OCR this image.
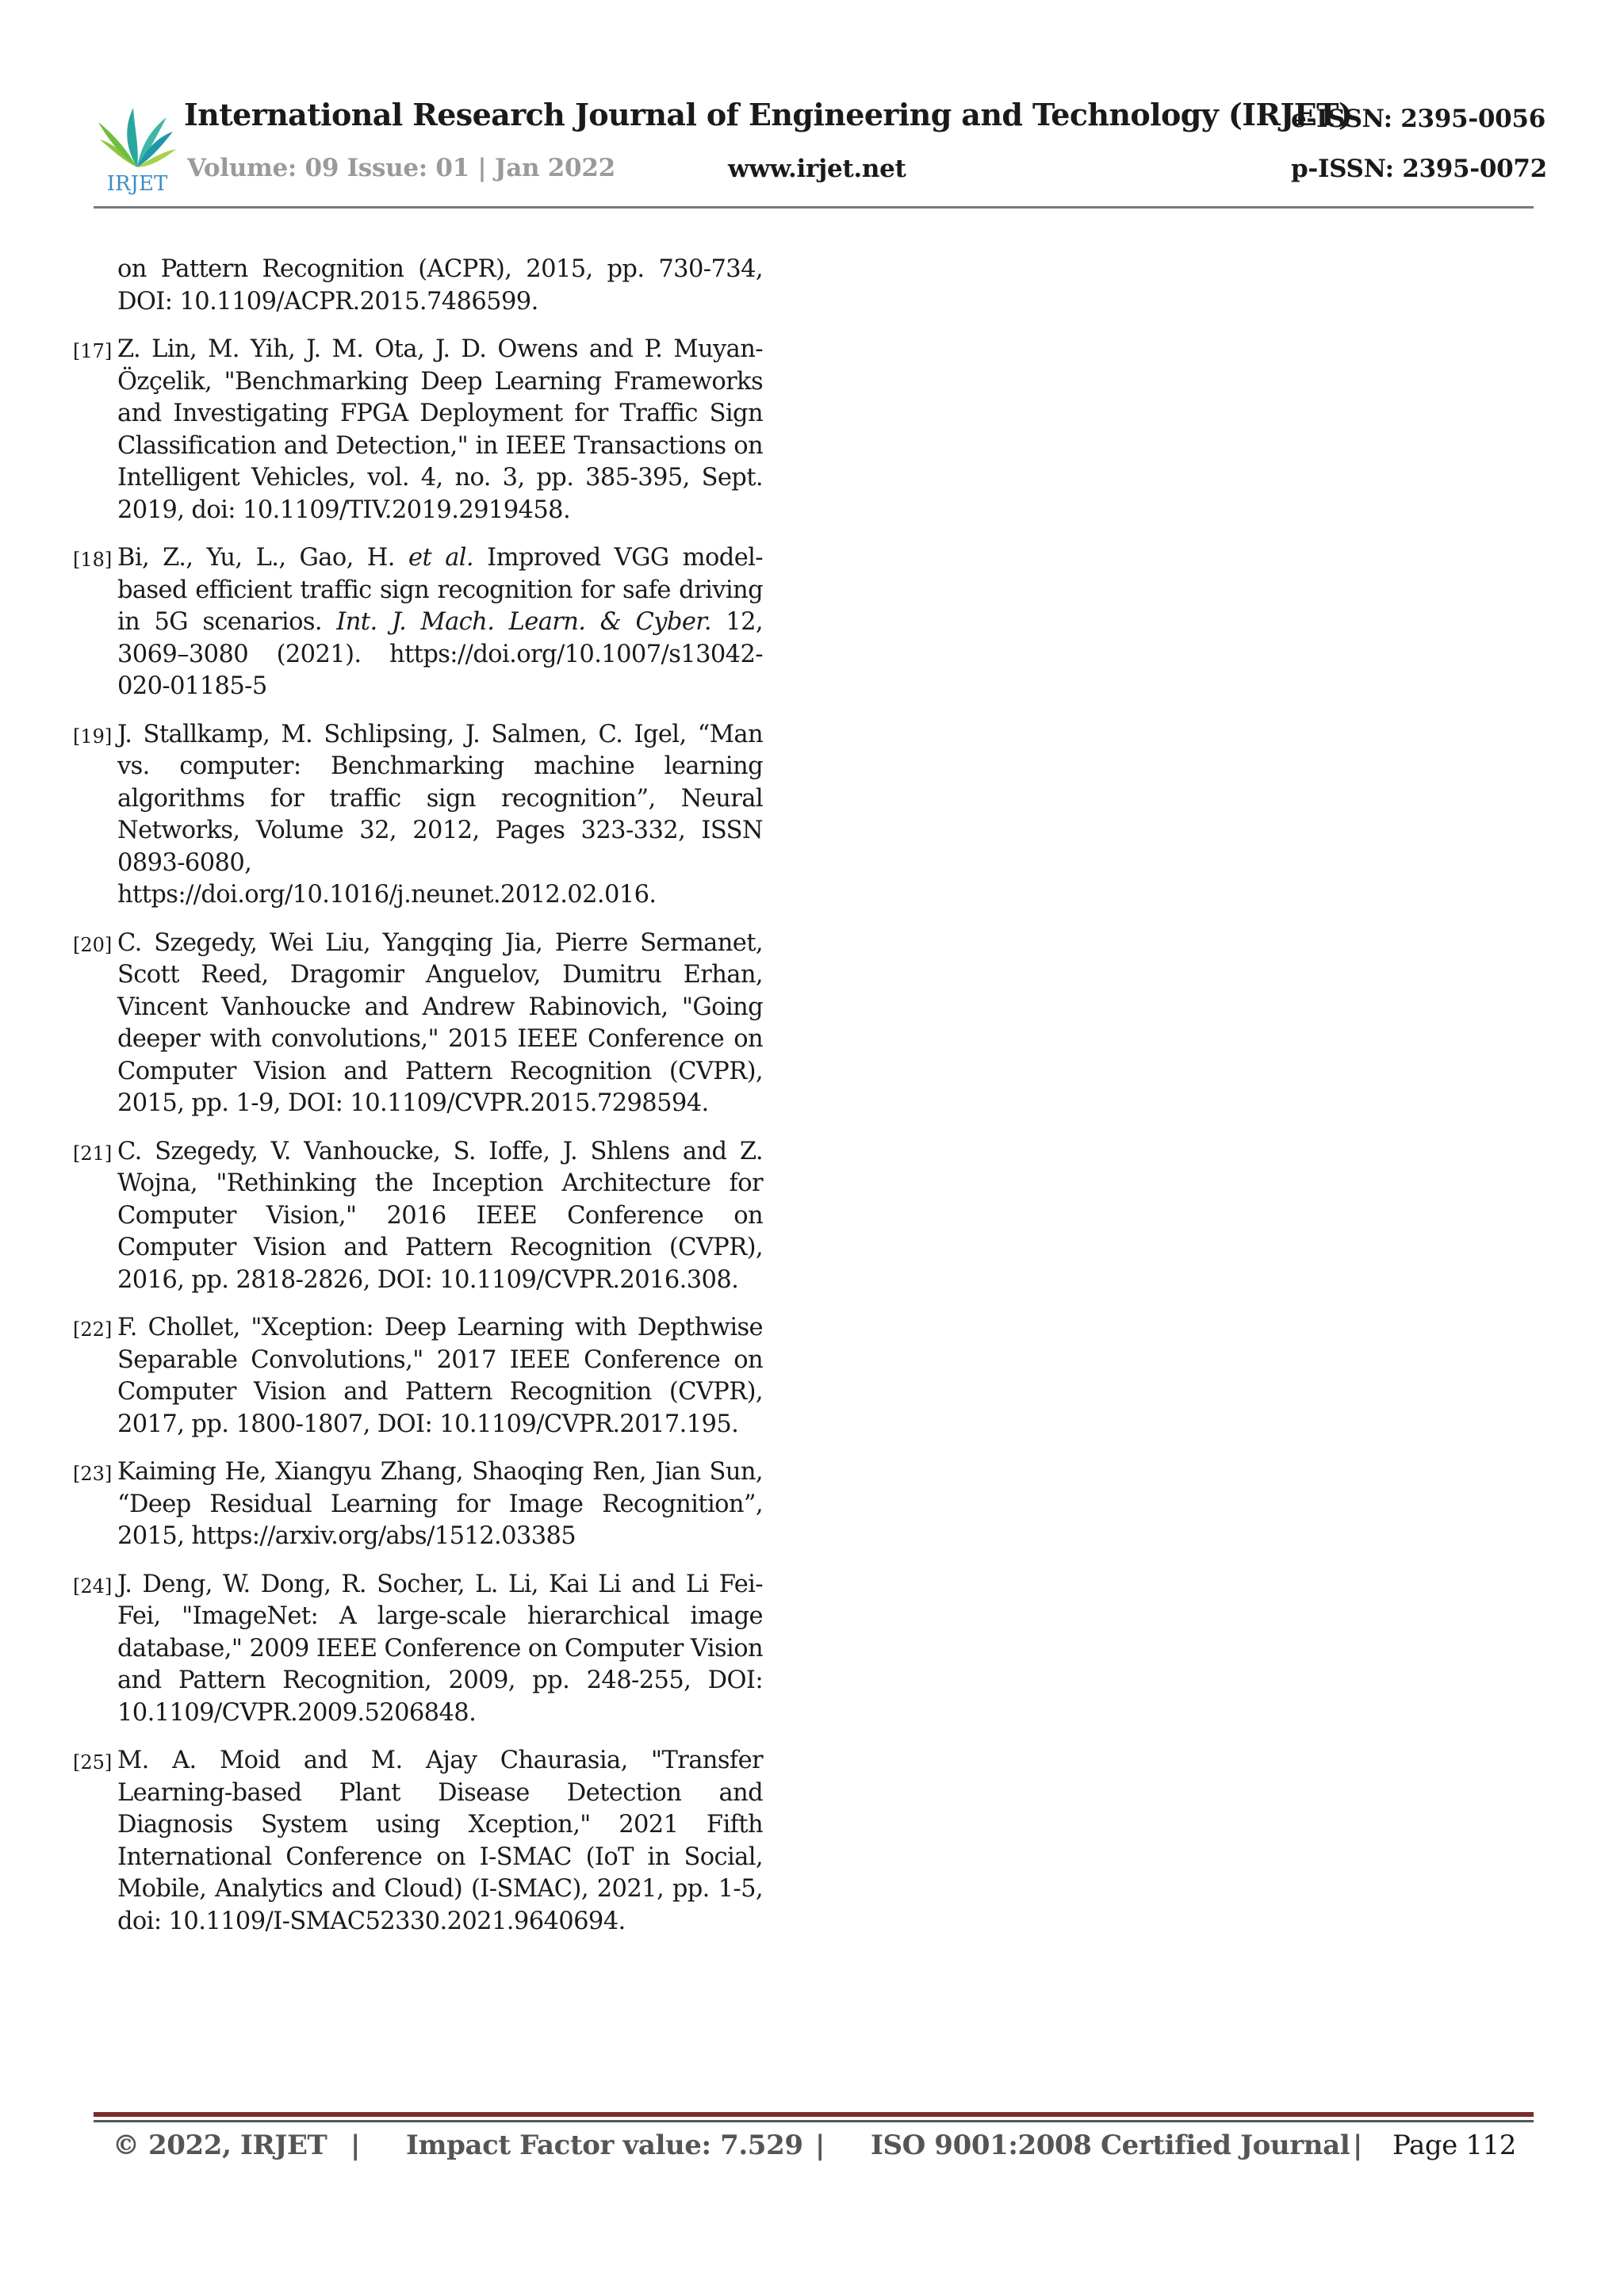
IRJET
International Research Journal of Engineering and Technology (IRJET)
e-ISSN: 2395-0056
Volume: 09 Issue: 01 | Jan 2022	www.irjet.net	p-ISSN: 2395-0072
on Pattern Recognition (ACPR), 2015, pp. 730-734, DOI: 10.1109/ACPR.2015.7486599.
[17] Z. Lin, M. Yih, J. M. Ota, J. D. Owens and P. Muyan-Özçelik, "Benchmarking Deep Learning Frameworks and Investigating FPGA Deployment for Traffic Sign Classification and Detection," in IEEE Transactions on Intelligent Vehicles, vol. 4, no. 3, pp. 385-395, Sept. 2019, doi: 10.1109/TIV.2019.2919458.
[18] Bi, Z., Yu, L., Gao, H. et al. Improved VGG model-based efficient traffic sign recognition for safe driving in 5G scenarios. Int. J. Mach. Learn. & Cyber. 12, 3069–3080 (2021). https://doi.org/10.1007/s13042-020-01185-5
[19] J. Stallkamp, M. Schlipsing, J. Salmen, C. Igel, “Man vs. computer: Benchmarking machine learning algorithms for traffic sign recognition”, Neural Networks, Volume 32, 2012, Pages 323-332, ISSN 0893-6080, https://doi.org/10.1016/j.neunet.2012.02.016.
[20] C. Szegedy, Wei Liu, Yangqing Jia, Pierre Sermanet, Scott Reed, Dragomir Anguelov, Dumitru Erhan, Vincent Vanhoucke and Andrew Rabinovich, "Going deeper with convolutions," 2015 IEEE Conference on Computer Vision and Pattern Recognition (CVPR), 2015, pp. 1-9, DOI: 10.1109/CVPR.2015.7298594.
[21] C. Szegedy, V. Vanhoucke, S. Ioffe, J. Shlens and Z. Wojna, "Rethinking the Inception Architecture for Computer Vision," 2016 IEEE Conference on Computer Vision and Pattern Recognition (CVPR), 2016, pp. 2818-2826, DOI: 10.1109/CVPR.2016.308.
[22] F. Chollet, "Xception: Deep Learning with Depthwise Separable Convolutions," 2017 IEEE Conference on Computer Vision and Pattern Recognition (CVPR), 2017, pp. 1800-1807, DOI: 10.1109/CVPR.2017.195.
[23] Kaiming He, Xiangyu Zhang, Shaoqing Ren, Jian Sun, “Deep Residual Learning for Image Recognition”, 2015, https://arxiv.org/abs/1512.03385
[24] J. Deng, W. Dong, R. Socher, L. Li, Kai Li and Li Fei-Fei, "ImageNet: A large-scale hierarchical image database," 2009 IEEE Conference on Computer Vision and Pattern Recognition, 2009, pp. 248-255, DOI: 10.1109/CVPR.2009.5206848.
[25] M. A. Moid and M. Ajay Chaurasia, "Transfer Learning-based Plant Disease Detection and Diagnosis System using Xception," 2021 Fifth International Conference on I-SMAC (IoT in Social, Mobile, Analytics and Cloud) (I-SMAC), 2021, pp. 1-5, doi: 10.1109/I-SMAC52330.2021.9640694.
© 2022, IRJET | Impact Factor value: 7.529 | ISO 9001:2008 Certified Journal | Page 112
